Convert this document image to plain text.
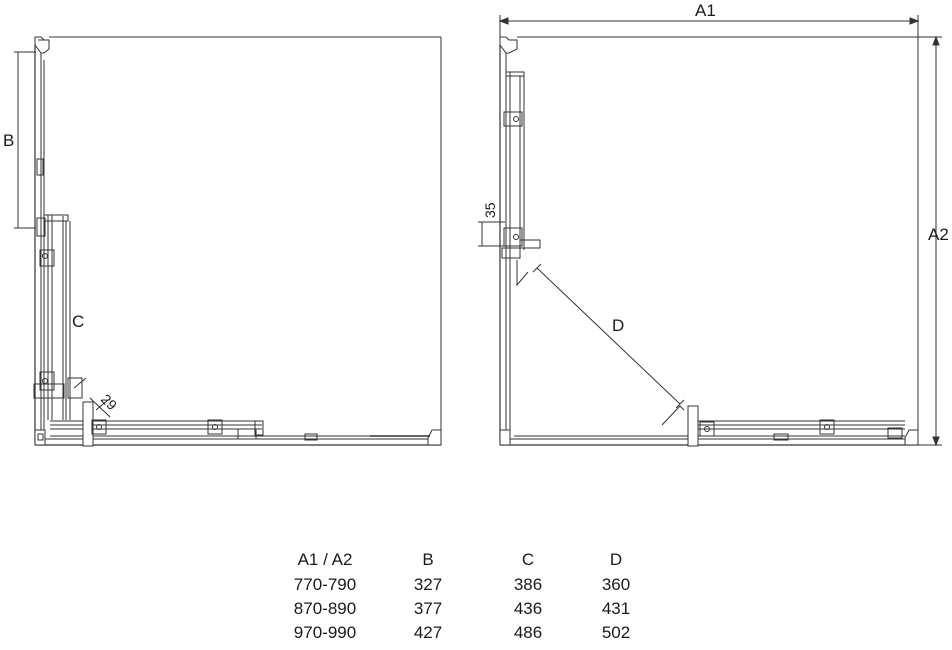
B
C
29
A1
A2
D
35
A1 / A2	B	C	D
770-790	327	386	360
870-890	377	436	431
970-990	427	486	502
